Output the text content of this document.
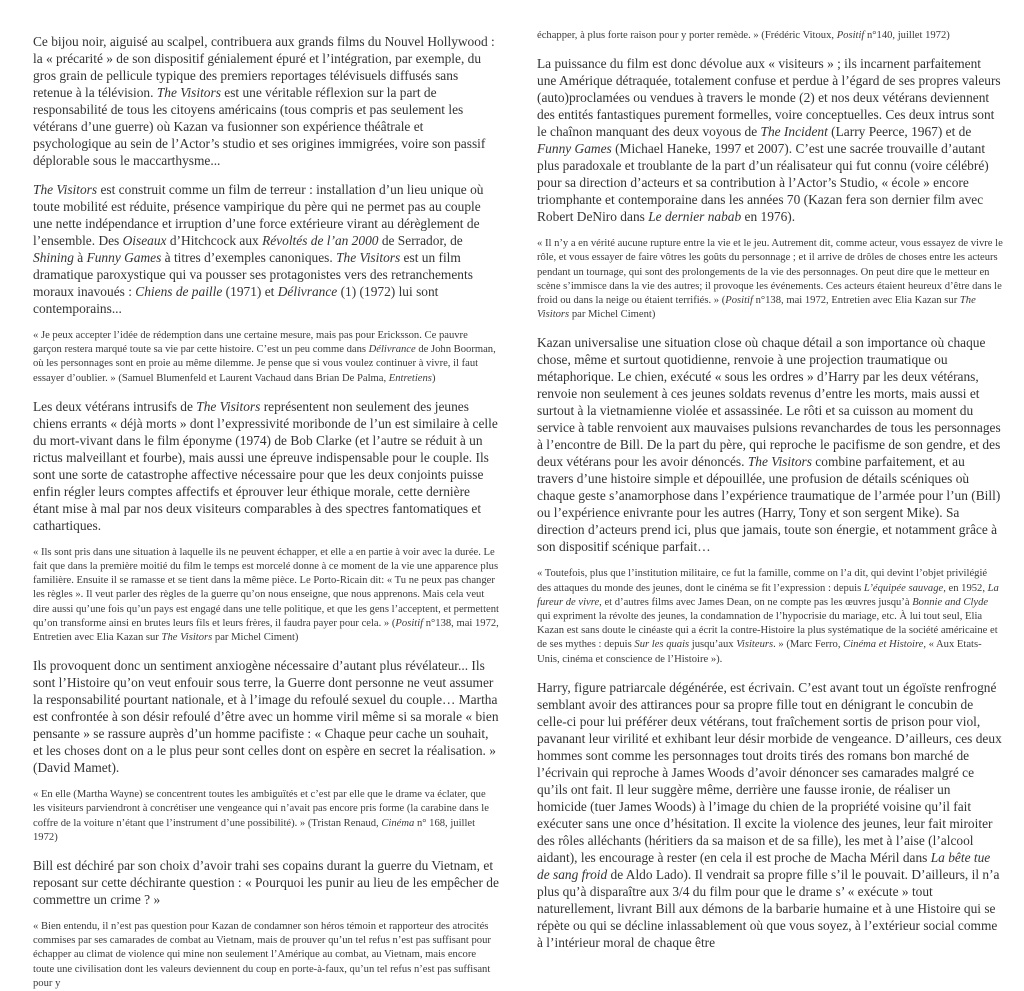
Ce bijou noir, aiguisé au scalpel, contribuera aux grands films du Nouvel Hollywood : la « précarité » de son dispositif génialement épuré et l’intégration, par exemple, du gros grain de pellicule typique des premiers reportages télévisuels diffusés sans retenue à la télévision. The Visitors est une véritable réflexion sur la part de responsabilité de tous les citoyens américains (tous compris et pas seulement les vétérans d’une guerre) où Kazan va fusionner son expérience théâtrale et psychologique au sein de l’Actor’s studio et ses origines immigrées, voire son passif déplorable sous le maccarthysme...

The Visitors est construit comme un film de terreur : installation d’un lieu unique où toute mobilité est réduite, présence vampirique du père qui ne permet pas au couple une nette indépendance et irruption d’une force extérieure virant au dérèglement de l’ensemble. Des Oiseaux d’Hitchcock aux Révoltés de l’an 2000 de Serrador, de Shining à Funny Games à titres d’exemples canoniques. The Visitors est un film dramatique paroxystique qui va pousser ses protagonistes vers des retranchements moraux inavoués : Chiens de paille (1971) et Délivrance (1) (1972) lui sont contemporains...

« Je peux accepter l’idée de rédemption dans une certaine mesure, mais pas pour Ericksson. Ce pauvre garçon restera marqué toute sa vie par cette histoire. C’est un peu comme dans Délivrance de John Boorman, où les personnages sont en proie au même dilemme. Je pense que si vous voulez continuer à vivre, il faut essayer d’oublier. » (Samuel Blumenfeld et Laurent Vachaud dans Brian De Palma, Entretiens)

Les deux vétérans intrusifs de The Visitors représentent non seulement des jeunes chiens errants « déjà morts » dont l’expressivité moribonde de l’un est similaire à celle du mort-vivant dans le film éponyme (1974) de Bob Clarke (et l’autre se réduit à un rictus malveillant et fourbe), mais aussi une épreuve indispensable pour le couple. Ils sont une sorte de catastrophe affective nécessaire pour que les deux conjoints puisse enfin régler leurs comptes affectifs et éprouver leur éthique morale, cette dernière étant mise à mal par nos deux visiteurs comparables à des spectres fantomatiques et cathartiques.

« Ils sont pris dans une situation à laquelle ils ne peuvent échapper, et elle a en partie à voir avec la durée. Le fait que dans la première moitié du film le temps est morcelé donne à ce moment de la vie une apparence plus familière. Ensuite il se ramasse et se tient dans la même pièce. Le Porto-Ricain dit: « Tu ne peux pas changer les règles ». Il veut parler des règles de la guerre qu’on nous enseigne, que nous apprenons. Mais cela veut dire aussi qu’une fois qu’un pays est engagé dans une telle politique, et que les gens l’acceptent, et permettent qu’on transforme ainsi en brutes leurs fils et leurs frères, il faudra payer pour cela. » (Positif n°138, mai 1972, Entretien avec Elia Kazan sur The Visitors par Michel Ciment)

Ils provoquent donc un sentiment anxiogène nécessaire d’autant plus révélateur... Ils sont l’Histoire qu’on veut enfouir sous terre, la Guerre dont personne ne veut assumer la responsabilité pourtant nationale, et à l’image du refoulé sexuel du couple… Martha est confrontée à son désir refoulé d’être avec un homme viril même si sa morale « bien pensante » se rassure auprès d’un homme pacifiste : « Chaque peur cache un souhait, et les choses dont on a le plus peur sont celles dont on espère en secret la réalisation. » (David Mamet).

« En elle (Martha Wayne) se concentrent toutes les ambiguïtés et c’est par elle que le drame va éclater, que les visiteurs parviendront à concrétiser une vengeance qui n’avait pas encore pris forme (la carabine dans le coffre de la voiture n’étant que l’instrument d’une possibilité). » (Tristan Renaud, Cinéma n° 168, juillet 1972)

Bill est déchiré par son choix d’avoir trahi ses copains durant la guerre du Vietnam, et reposant sur cette déchirante question : « Pourquoi les punir au lieu de les empêcher de commettre un crime ? »

« Bien entendu, il n’est pas question pour Kazan de condamner son héros témoin et rapporteur des atrocités commises par ses camarades de combat au Vietnam, mais de prouver qu’un tel refus n’est pas suffisant pour échapper au climat de violence qui mine non seulement l’Amérique au combat, au Vietnam, mais encore toute une civilisation dont les valeurs deviennent du coup en porte-à-faux, qu’un tel refus n’est pas suffisant pour y

échapper, à plus forte raison pour y porter remède. » (Frédéric Vitoux, Positif n°140, juillet 1972)

La puissance du film est donc dévolue aux « visiteurs » ; ils incarnent parfaitement une Amérique détraquée, totalement confuse et perdue à l’égard de ses propres valeurs (auto)proclamées ou vendues à travers le monde (2) et nos deux vétérans deviennent des entités fantastiques purement formelles, voire conceptuelles. Ces deux intrus sont le chaînon manquant des deux voyous de The Incident (Larry Peerce, 1967) et de Funny Games (Michael Haneke, 1997 et 2007). C’est une sacrée trouvaille d’autant plus paradoxale et troublante de la part d’un réalisateur qui fut connu (voire célébré) pour sa direction d’acteurs et sa contribution à l’Actor’s Studio, « école » encore triomphante et contemporaine dans les années 70 (Kazan fera son dernier film avec Robert DeNiro dans Le dernier nabab en 1976).

« Il n’y a en vérité aucune rupture entre la vie et le jeu. Autrement dit, comme acteur, vous essayez de vivre le rôle, et vous essayer de faire vôtres les goûts du personnage ; et il arrive de drôles de choses entre les acteurs pendant un tournage, qui sont des prolongements de la vie des personnages. On peut dire que le metteur en scène s’immisce dans la vie des autres; il provoque les événements. Ces acteurs étaient heureux d’être dans le froid ou dans la neige ou étaient terrifiés. » (Positif n°138, mai 1972, Entretien avec Elia Kazan sur The Visitors par Michel Ciment)

Kazan universalise une situation close où chaque détail a son importance où chaque chose, même et surtout quotidienne, renvoie à une projection traumatique ou métaphorique. Le chien, exécuté « sous les ordres » d’Harry par les deux vétérans, renvoie non seulement à ces jeunes soldats revenus d’entre les morts, mais aussi et surtout à la vietnamienne violée et assassinée. Le rôti et sa cuisson au moment du service à table renvoient aux mauvaises pulsions revanchardes de tous les personnages à l’encontre de Bill. De la part du père, qui reproche le pacifisme de son gendre, et des deux vétérans pour les avoir dénoncés. The Visitors combine parfaitement, et au travers d’une histoire simple et dépouillée, une profusion de détails scéniques où chaque geste s’anamorphose dans l’expérience traumatique de l’armée pour l’un (Bill) ou l’expérience enivrante pour les autres (Harry, Tony et son sergent Mike). Sa direction d’acteurs prend ici, plus que jamais, toute son énergie, et notamment grâce à son dispositif scénique parfait…

« Toutefois, plus que l’institution militaire, ce fut la famille, comme on l’a dit, qui devint l’objet privilégié des attaques du monde des jeunes, dont le cinéma se fit l’expression : depuis L’équipée sauvage, en 1952, La fureur de vivre, et d’autres films avec James Dean, on ne compte pas les œuvres jusqu’à Bonnie and Clyde qui expriment la révolte des jeunes, la condamnation de l’hypocrisie du mariage, etc. À lui tout seul, Elia Kazan est sans doute le cinéaste qui a écrit la contre-Histoire la plus systématique de la société américaine et de ses mythes : depuis Sur les quais jusqu’aux Visiteurs. » (Marc Ferro, Cinéma et Histoire, « Aux Etats-Unis, cinéma et conscience de l’Histoire »).

Harry, figure patriarcale dégénérée, est écrivain. C’est avant tout un égoïste renfrogné semblant avoir des attirances pour sa propre fille tout en dénigrant le concubin de celle-ci pour lui préférer deux vétérans, tout fraîchement sortis de prison pour viol, pavanant leur virilité et exhibant leur désir morbide de vengeance. D’ailleurs, ces deux hommes sont comme les personnages tout droits tirés des romans bon marché de l’écrivain qui reproche à James Woods d’avoir dénoncer ses camarades malgré ce qu’ils ont fait. Il leur suggère même, derrière une fausse ironie, de réaliser un homicide (tuer James Woods) à l’image du chien de la propriété voisine qu’il fait exécuter sans une once d’hésitation. Il excite la violence des jeunes, leur fait miroiter des rôles alléchants (héritiers da sa maison et de sa fille), les met à l’aise (l’alcool aidant), les encourage à rester (en cela il est proche de Macha Méril dans La bête tue de sang froid de Aldo Lado). Il vendrait sa propre fille s’il le pouvait. D’ailleurs, il n’a plus qu’à disparaître aux 3/4 du film pour que le drame s’ « exécute » tout naturellement, livrant Bill aux démons de la barbarie humaine et à une Histoire qui se répète ou qui se décline inlassablement où que vous soyez, à l’extérieur social comme à l’intérieur moral de chaque être
